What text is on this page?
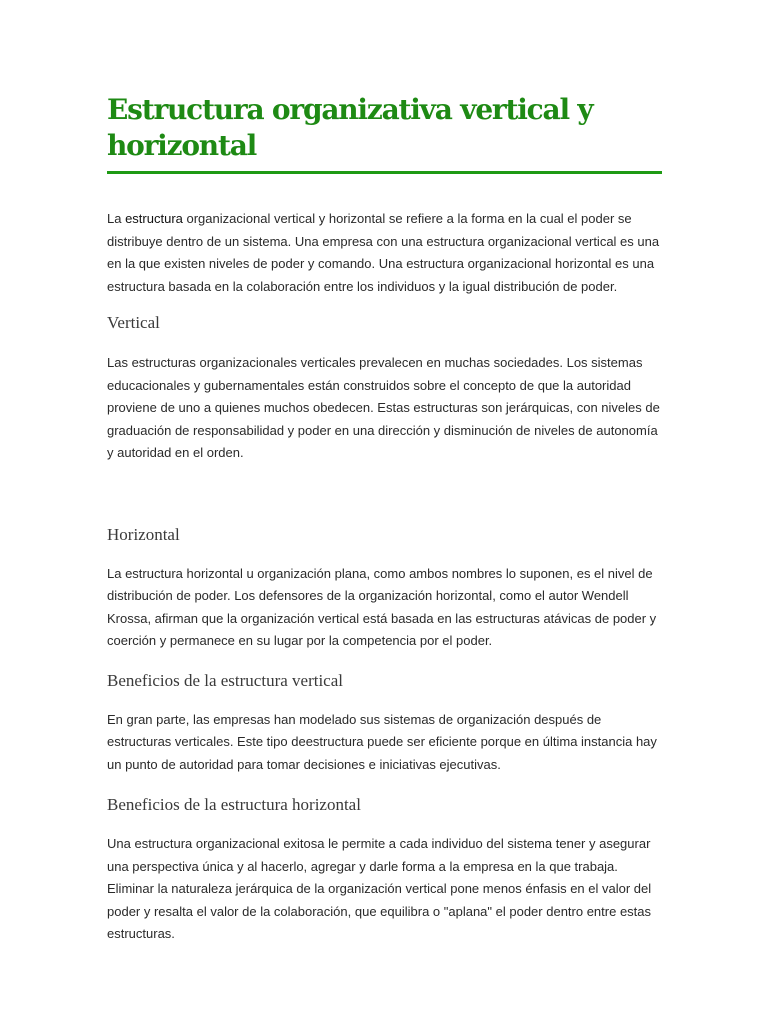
Estructura organizativa vertical y horizontal

La estructura organizacional vertical y horizontal se refiere a la forma en la cual el poder se distribuye dentro de un sistema. Una empresa con una estructura organizacional vertical es una en la que existen niveles de poder y comando. Una estructura organizacional horizontal es una estructura basada en la colaboración entre los individuos y la igual distribución de poder.

Vertical

Las estructuras organizacionales verticales prevalecen en muchas sociedades. Los sistemas educacionales y gubernamentales están construidos sobre el concepto de que la autoridad proviene de uno a quienes muchos obedecen. Estas estructuras son jerárquicas, con niveles de graduación de responsabilidad y poder en una dirección y disminución de niveles de autonomía y autoridad en el orden.

Horizontal

La estructura horizontal u organización plana, como ambos nombres lo suponen, es el nivel de distribución de poder. Los defensores de la organización horizontal, como el autor Wendell Krossa, afirman que la organización vertical está basada en las estructuras atávicas de poder y coerción y permanece en su lugar por la competencia por el poder.

Beneficios de la estructura vertical

En gran parte, las empresas han modelado sus sistemas de organización después de estructuras verticales. Este tipo deestructura puede ser eficiente porque en última instancia hay un punto de autoridad para tomar decisiones e iniciativas ejecutivas.

Beneficios de la estructura horizontal

Una estructura organizacional exitosa le permite a cada individuo del sistema tener y asegurar una perspectiva única y al hacerlo, agregar y darle forma a la empresa en la que trabaja. Eliminar la naturaleza jerárquica de la organización vertical pone menos énfasis en el valor del poder y resalta el valor de la colaboración, que equilibra o "aplana" el poder dentro entre estas estructuras.
